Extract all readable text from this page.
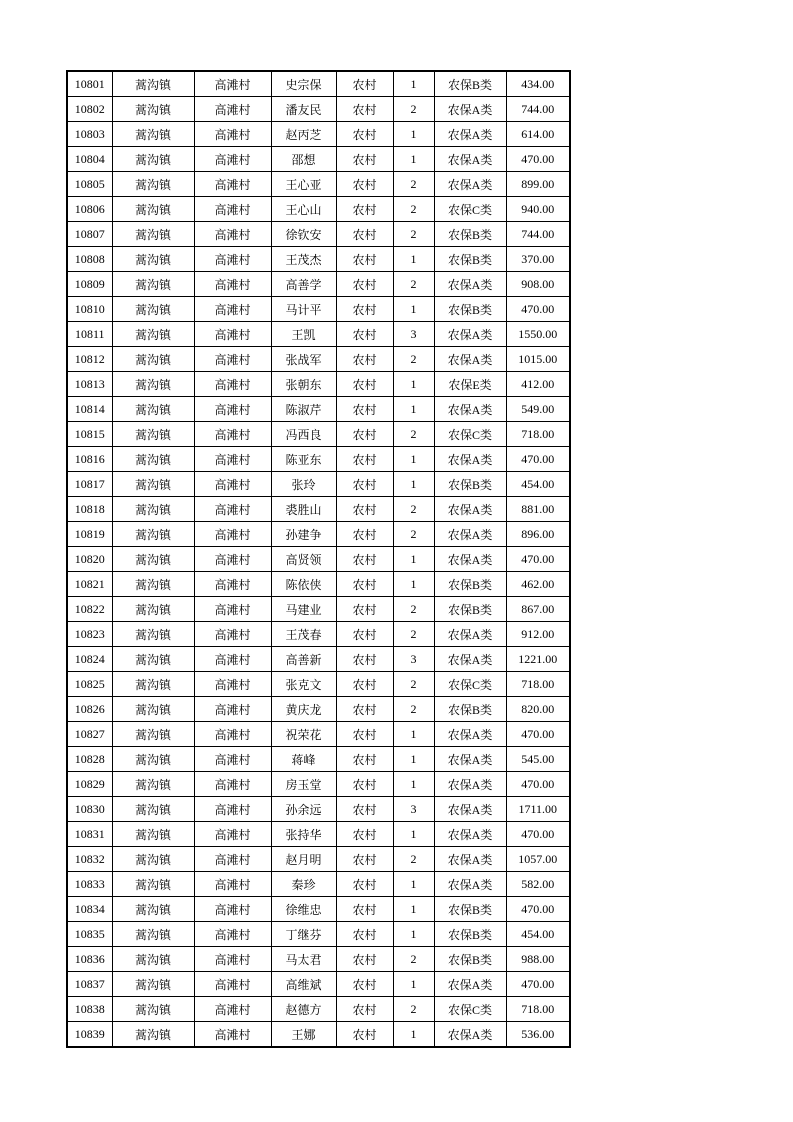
10801	蒿沟镇	高滩村	史宗保	农村	1	农保B类	434.00
10802	蒿沟镇	高滩村	潘友民	农村	2	农保A类	744.00
10803	蒿沟镇	高滩村	赵丙芝	农村	1	农保A类	614.00
10804	蒿沟镇	高滩村	邵想	农村	1	农保A类	470.00
10805	蒿沟镇	高滩村	王心亚	农村	2	农保A类	899.00
10806	蒿沟镇	高滩村	王心山	农村	2	农保C类	940.00
10807	蒿沟镇	高滩村	徐钦安	农村	2	农保B类	744.00
10808	蒿沟镇	高滩村	王茂杰	农村	1	农保B类	370.00
10809	蒿沟镇	高滩村	高善学	农村	2	农保A类	908.00
10810	蒿沟镇	高滩村	马计平	农村	1	农保B类	470.00
10811	蒿沟镇	高滩村	王凯	农村	3	农保A类	1550.00
10812	蒿沟镇	高滩村	张战军	农村	2	农保A类	1015.00
10813	蒿沟镇	高滩村	张朝东	农村	1	农保E类	412.00
10814	蒿沟镇	高滩村	陈淑芹	农村	1	农保A类	549.00
10815	蒿沟镇	高滩村	冯西良	农村	2	农保C类	718.00
10816	蒿沟镇	高滩村	陈亚东	农村	1	农保A类	470.00
10817	蒿沟镇	高滩村	张玲	农村	1	农保B类	454.00
10818	蒿沟镇	高滩村	裘胜山	农村	2	农保A类	881.00
10819	蒿沟镇	高滩村	孙建争	农村	2	农保A类	896.00
10820	蒿沟镇	高滩村	高贤领	农村	1	农保A类	470.00
10821	蒿沟镇	高滩村	陈依侠	农村	1	农保B类	462.00
10822	蒿沟镇	高滩村	马建业	农村	2	农保B类	867.00
10823	蒿沟镇	高滩村	王茂春	农村	2	农保A类	912.00
10824	蒿沟镇	高滩村	高善新	农村	3	农保A类	1221.00
10825	蒿沟镇	高滩村	张克文	农村	2	农保C类	718.00
10826	蒿沟镇	高滩村	黄庆龙	农村	2	农保B类	820.00
10827	蒿沟镇	高滩村	祝荣花	农村	1	农保A类	470.00
10828	蒿沟镇	高滩村	蒋峰	农村	1	农保A类	545.00
10829	蒿沟镇	高滩村	房玉堂	农村	1	农保A类	470.00
10830	蒿沟镇	高滩村	孙余远	农村	3	农保A类	1711.00
10831	蒿沟镇	高滩村	张持华	农村	1	农保A类	470.00
10832	蒿沟镇	高滩村	赵月明	农村	2	农保A类	1057.00
10833	蒿沟镇	高滩村	秦珍	农村	1	农保A类	582.00
10834	蒿沟镇	高滩村	徐维忠	农村	1	农保B类	470.00
10835	蒿沟镇	高滩村	丁继芬	农村	1	农保B类	454.00
10836	蒿沟镇	高滩村	马太君	农村	2	农保B类	988.00
10837	蒿沟镇	高滩村	高维斌	农村	1	农保A类	470.00
10838	蒿沟镇	高滩村	赵德方	农村	2	农保C类	718.00
10839	蒿沟镇	高滩村	王娜	农村	1	农保A类	536.00
